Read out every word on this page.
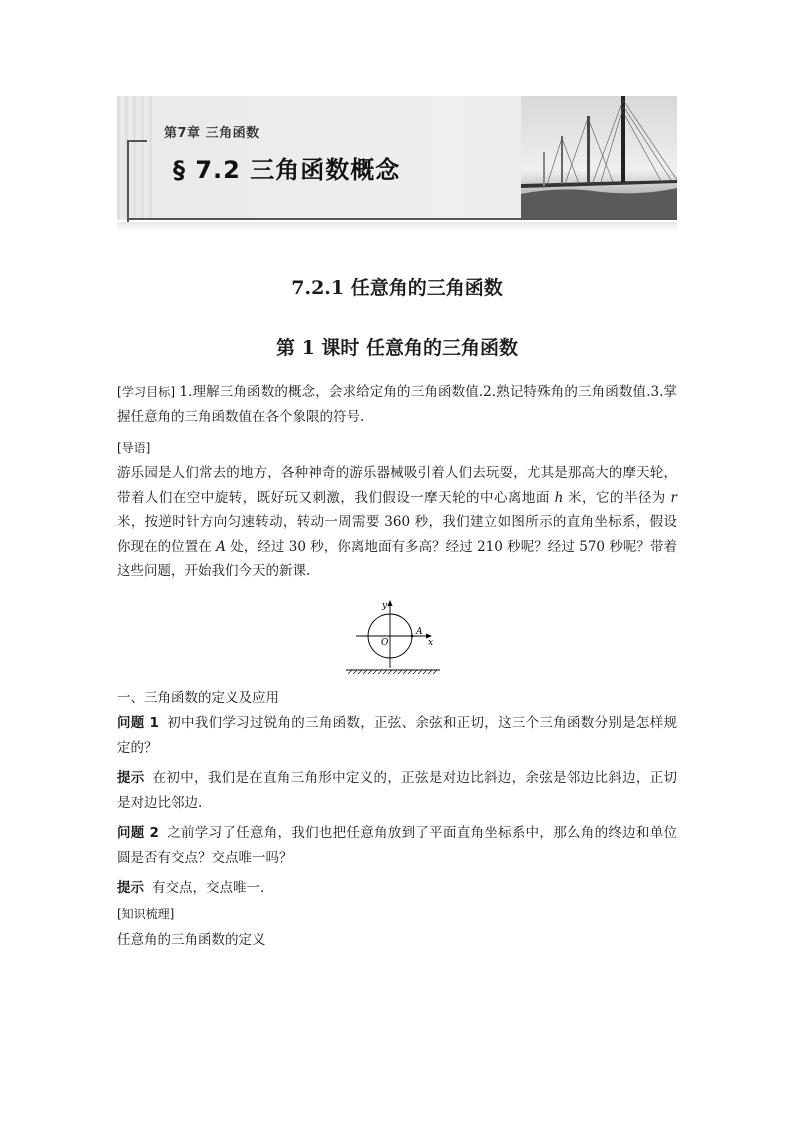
第7章 三角函数
§ 7.2 三角函数概念
7.2.1 任意角的三角函数
第 1 课时 任意角的三角函数

[学习目标] 1.理解三角函数的概念，会求给定角的三角函数值.2.熟记特殊角的三角函数值.3.掌握任意角的三角函数值在各个象限的符号.

[导语]

游乐园是人们常去的地方，各种神奇的游乐器械吸引着人们去玩耍，尤其是那高大的摩天轮，带着人们在空中旋转，既好玩又刺激，我们假设一摩天轮的中心离地面 h 米，它的半径为 r 米，按逆时针方向匀速转动，转动一周需要 360 秒，我们建立如图所示的直角坐标系，假设你现在的位置在 A 处，经过 30 秒，你离地面有多高？经过 210 秒呢？经过 570 秒呢？带着这些问题，开始我们今天的新课.

y
x
O
A

一、三角函数的定义及应用

问题 1 初中我们学习过锐角的三角函数，正弦、余弦和正切，这三个三角函数分别是怎样规定的？

提示 在初中，我们是在直角三角形中定义的，正弦是对边比斜边，余弦是邻边比斜边，正切是对边比邻边.

问题 2 之前学习了任意角，我们也把任意角放到了平面直角坐标系中，那么角的终边和单位圆是否有交点？交点唯一吗？

提示 有交点，交点唯一.

[知识梳理]

任意角的三角函数的定义
